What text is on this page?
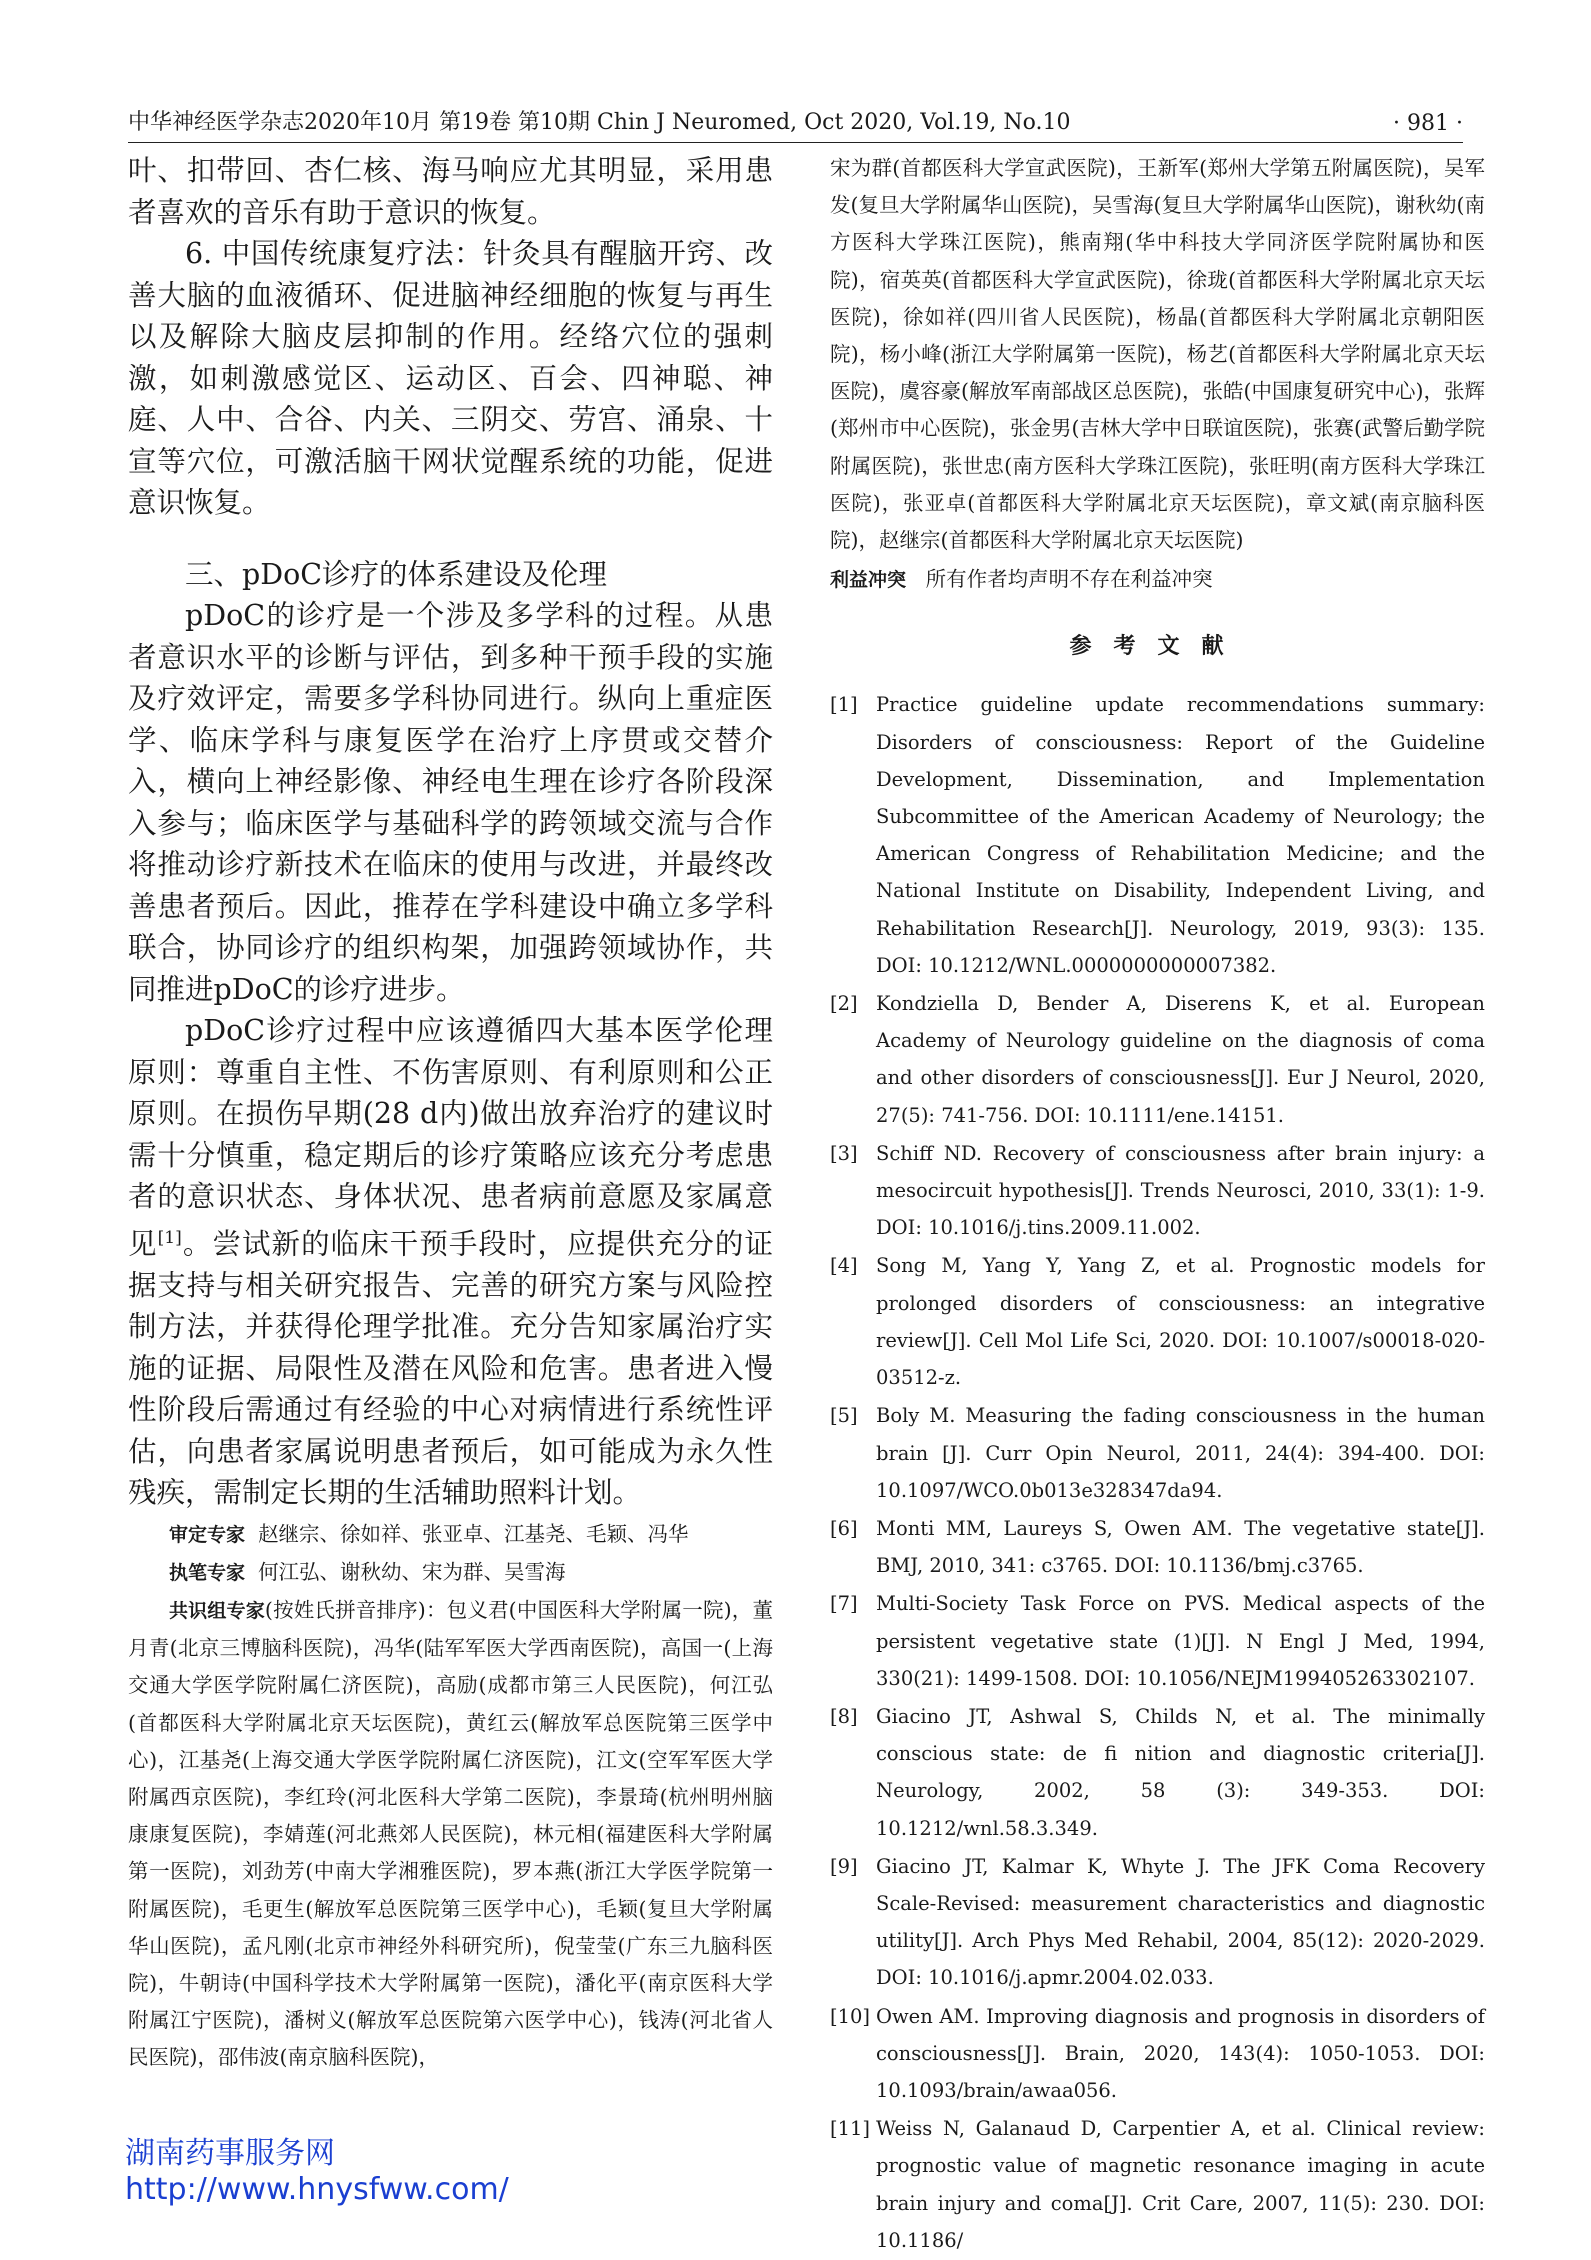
中华神经医学杂志2020年10月 第19卷 第10期 Chin J Neuromed, Oct 2020, Vol.19, No.10	· 981 ·

叶、扣带回、杏仁核、海马响应尤其明显，采用患者喜欢的音乐有助于意识的恢复。

6. 中国传统康复疗法：针灸具有醒脑开窍、改善大脑的血液循环、促进脑神经细胞的恢复与再生以及解除大脑皮层抑制的作用。经络穴位的强刺激，如刺激感觉区、运动区、百会、四神聪、神庭、人中、合谷、内关、三阴交、劳宫、涌泉、十宣等穴位，可激活脑干网状觉醒系统的功能，促进意识恢复。

三、pDoC诊疗的体系建设及伦理

pDoC的诊疗是一个涉及多学科的过程。从患者意识水平的诊断与评估，到多种干预手段的实施及疗效评定，需要多学科协同进行。纵向上重症医学、临床学科与康复医学在治疗上序贯或交替介入，横向上神经影像、神经电生理在诊疗各阶段深入参与；临床医学与基础科学的跨领域交流与合作将推动诊疗新技术在临床的使用与改进，并最终改善患者预后。因此，推荐在学科建设中确立多学科联合，协同诊疗的组织构架，加强跨领域协作，共同推进pDoC的诊疗进步。

pDoC诊疗过程中应该遵循四大基本医学伦理原则：尊重自主性、不伤害原则、有利原则和公正原则。在损伤早期(28 d内)做出放弃治疗的建议时需十分慎重，稳定期后的诊疗策略应该充分考虑患者的意识状态、身体状况、患者病前意愿及家属意见[1]。尝试新的临床干预手段时，应提供充分的证据支持与相关研究报告、完善的研究方案与风险控制方法，并获得伦理学批准。充分告知家属治疗实施的证据、局限性及潜在风险和危害。患者进入慢性阶段后需通过有经验的中心对病情进行系统性评估，向患者家属说明患者预后，如可能成为永久性残疾，需制定长期的生活辅助照料计划。

审定专家 赵继宗、徐如祥、张亚卓、江基尧、毛颖、冯华

执笔专家 何江弘、谢秋幼、宋为群、吴雪海

共识组专家(按姓氏拼音排序)：包义君(中国医科大学附属一院)，董月青(北京三博脑科医院)，冯华(陆军军医大学西南医院)，高国一(上海交通大学医学院附属仁济医院)，高励(成都市第三人民医院)，何江弘(首都医科大学附属北京天坛医院)，黄红云(解放军总医院第三医学中心)，江基尧(上海交通大学医学院附属仁济医院)，江文(空军军医大学附属西京医院)，李红玲(河北医科大学第二医院)，李景琦(杭州明州脑康康复医院)，李婧莲(河北燕郊人民医院)，林元相(福建医科大学附属第一医院)，刘劲芳(中南大学湘雅医院)，罗本燕(浙江大学医学院第一附属医院)，毛更生(解放军总医院第三医学中心)，毛颖(复旦大学附属华山医院)，孟凡刚(北京市神经外科研究所)，倪莹莹(广东三九脑科医院)，牛朝诗(中国科学技术大学附属第一医院)，潘化平(南京医科大学附属江宁医院)，潘树义(解放军总医院第六医学中心)，钱涛(河北省人民医院)，邵伟波(南京脑科医院)，

宋为群(首都医科大学宣武医院)，王新军(郑州大学第五附属医院)，吴军发(复旦大学附属华山医院)，吴雪海(复旦大学附属华山医院)，谢秋幼(南方医科大学珠江医院)，熊南翔(华中科技大学同济医学院附属协和医院)，宿英英(首都医科大学宣武医院)，徐珑(首都医科大学附属北京天坛医院)，徐如祥(四川省人民医院)，杨晶(首都医科大学附属北京朝阳医院)，杨小峰(浙江大学附属第一医院)，杨艺(首都医科大学附属北京天坛医院)，虞容豪(解放军南部战区总医院)，张皓(中国康复研究中心)，张辉(郑州市中心医院)，张金男(吉林大学中日联谊医院)，张赛(武警后勤学院附属医院)，张世忠(南方医科大学珠江医院)，张旺明(南方医科大学珠江医院)，张亚卓(首都医科大学附属北京天坛医院)，章文斌(南京脑科医院)，赵继宗(首都医科大学附属北京天坛医院)

利益冲突 所有作者均声明不存在利益冲突

参考文献
[1] Practice guideline update recommendations summary: Disorders of consciousness: Report of the Guideline Development, Dissemination, and Implementation Subcommittee of the American Academy of Neurology; the American Congress of Rehabilitation Medicine; and the National Institute on Disability, Independent Living, and Rehabilitation Research[J]. Neurology, 2019, 93(3): 135. DOI: 10.1212/WNL.0000000000007382.
[2] Kondziella D, Bender A, Diserens K, et al. European Academy of Neurology guideline on the diagnosis of coma and other disorders of consciousness[J]. Eur J Neurol, 2020, 27(5): 741-756. DOI: 10.1111/ene.14151.
[3] Schiff ND. Recovery of consciousness after brain injury: a mesocircuit hypothesis[J]. Trends Neurosci, 2010, 33(1): 1-9. DOI: 10.1016/j.tins.2009.11.002.
[4] Song M, Yang Y, Yang Z, et al. Prognostic models for prolonged disorders of consciousness: an integrative review[J]. Cell Mol Life Sci, 2020. DOI: 10.1007/s00018-020-03512-z.
[5] Boly M. Measuring the fading consciousness in the human brain [J]. Curr Opin Neurol, 2011, 24(4): 394-400. DOI: 10.1097/WCO.0b013e328347da94.
[6] Monti MM, Laureys S, Owen AM. The vegetative state[J]. BMJ, 2010, 341: c3765. DOI: 10.1136/bmj.c3765.
[7] Multi-Society Task Force on PVS. Medical aspects of the persistent vegetative state (1)[J]. N Engl J Med, 1994, 330(21): 1499-1508. DOI: 10.1056/NEJM199405263302107.
[8] Giacino JT, Ashwal S, Childs N, et al. The minimally conscious state: de fi nition and diagnostic criteria[J]. Neurology, 2002, 58 (3): 349-353. DOI: 10.1212/wnl.58.3.349.
[9] Giacino JT, Kalmar K, Whyte J. The JFK Coma Recovery Scale-Revised: measurement characteristics and diagnostic utility[J]. Arch Phys Med Rehabil, 2004, 85(12): 2020-2029. DOI: 10.1016/j.apmr.2004.02.033.
[10] Owen AM. Improving diagnosis and prognosis in disorders of consciousness[J]. Brain, 2020, 143(4): 1050-1053. DOI: 10.1093/brain/awaa056.
[11] Weiss N, Galanaud D, Carpentier A, et al. Clinical review: prognostic value of magnetic resonance imaging in acute brain injury and coma[J]. Crit Care, 2007, 11(5): 230. DOI: 10.1186/
湖南药事服务网
http://www.hnysfww.com/
